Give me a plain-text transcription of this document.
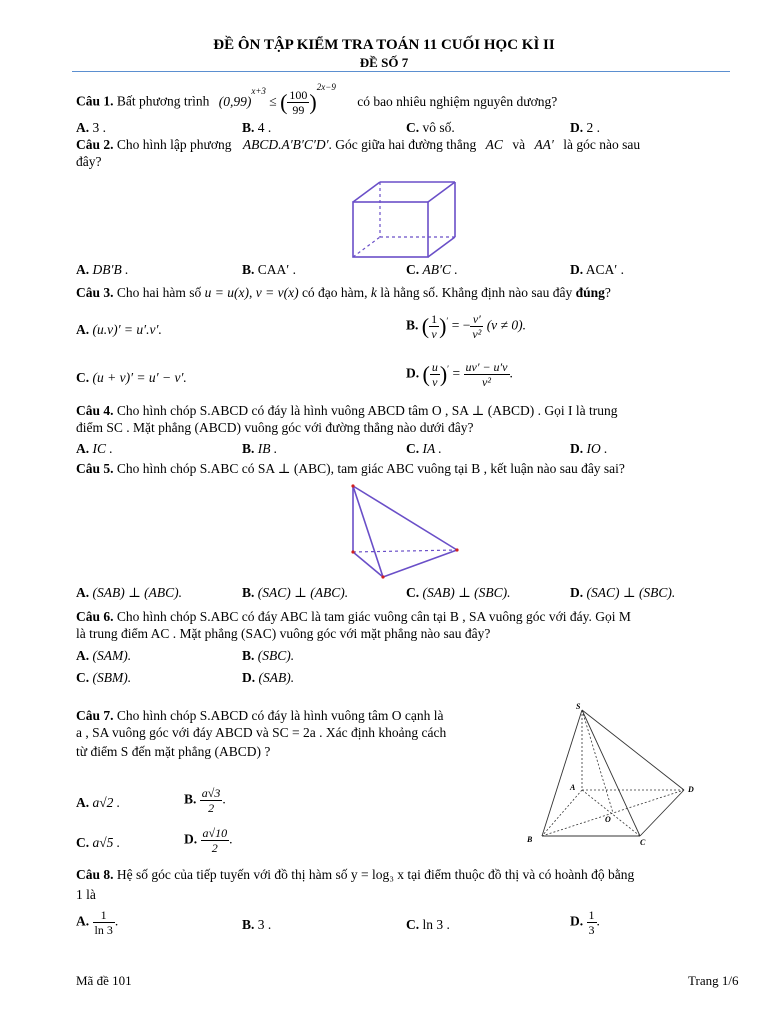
ĐỀ ÔN TẬP KIỂM TRA TOÁN 11 CUỐI HỌC KÌ II
ĐỀ SỐ 7
Câu 1. Bất phương trình $(0,99)^{x+3}$ ≤ ( $\frac{100}{99} )^{2x-9}$ có bao nhiêu nghiệm nguyên dương?
A. 3 .	B. 4 .	C. vô số.	D. 2 .
Câu 2. Cho hình lập phương ABCD.A′B′C′D′. Góc giữa hai đường thẳng AC và AA′ là góc nào sau
đây?
A. DB′B .	B. CAA′ .	C. AB′C .	D. ACA′ .
Câu 3. Cho hai hàm số u = u(x), v = v(x) có đạo hàm, k là hằng số. Khẳng định nào sau đây đúng?
A. (u.v)′ = u′.v′.	B. ( $\frac{1}{v} )'$ = − $\frac{v'}{\text{v²}} (v \ne 0)$.
C. (u + v)′ = u′ − v′.	D. ( $\frac{u}{v} )' = \frac{uv' - u'v}{\text{v²}}$ .
Câu 4. Cho hình chóp S.ABCD có đáy là hình vuông ABCD tâm O , SA ⊥ (ABCD) . Gọi I là trung
điểm SC . Mặt phẳng (ABCD) vuông góc với đường thẳng nào dưới đây?
A. IC .	B. IB .	C. IA .	D. IO .
Câu 5. Cho hình chóp S.ABC có SA ⊥ (ABC), tam giác ABC vuông tại B , kết luận nào sau đây sai?
A. (SAB) ⊥ (ABC).	B. (SAC) ⊥ (ABC).	C. (SAB) ⊥ (SBC).	D. (SAC) ⊥ (SBC).
Câu 6. Cho hình chóp S.ABC có đáy ABC là tam giác vuông cân tại B , SA vuông góc với đáy. Gọi M
là trung điểm AC . Mặt phẳng (SAC) vuông góc với mặt phẳng nào sau đây?
A. (SAM).	B. (SBC).
C. (SBM).	D. (SAB).
Câu 7. Cho hình chóp S.ABCD có đáy là hình vuông tâm O cạnh là
a , SA vuông góc với đáy ABCD và SC = 2a . Xác định khoảng cách
từ điểm S đến mặt phẳng (ABCD) ?
A. a√2 .	B. $\frac{a√3}{2}$ .
C. a√5 .	D. $\frac{a√10}{2}$ .
S
A	D
O
B	C
Câu 8. Hệ số góc của tiếp tuyến với đồ thị hàm số y = log₃ x tại điểm thuộc đồ thị và có hoành độ bằng
1 là
A. $\frac{1}{\ln 3}$ .	B. 3 .	C. ln 3 .	D. $\frac{1}{3}$ .
Mã đề 101	Trang 1/6
